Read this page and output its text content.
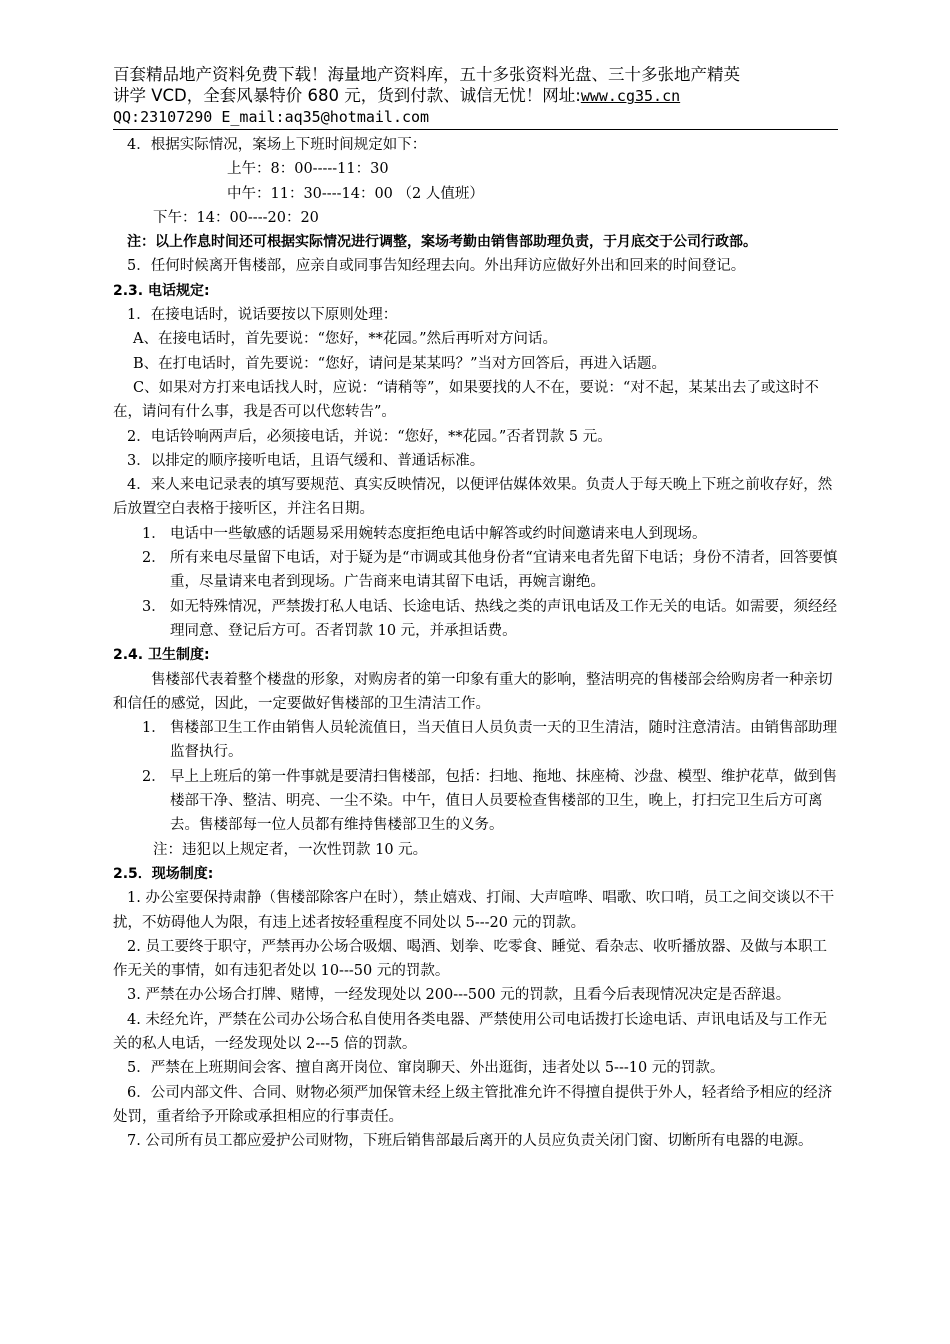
百套精品地产资料免费下载！海量地产资料库，五十多张资料光盘、三十多张地产精英
讲学 VCD，全套风暴特价 680 元，货到付款、诚信无忧！网址:www.cg35.cn
QQ:23107290 E_mail:aq35@hotmail.com

4．根据实际情况，案场上下班时间规定如下：

上午：8：00-----11：30

中午：11：30----14：00 （2 人值班）

下午：14：00----20：20

注：以上作息时间还可根据实际情况进行调整，案场考勤由销售部助理负责，于月底交于公司行政部。

5．任何时候离开售楼部，应亲自或同事告知经理去向。外出拜访应做好外出和回来的时间登记。

2.3. 电话规定:

1．在接电话时，说话要按以下原则处理：

A、在接电话时，首先要说：“您好，**花园。”然后再听对方问话。

B、在打电话时，首先要说：“您好，请问是某某吗？”当对方回答后，再进入话题。

C、如果对方打来电话找人时，应说：“请稍等”，如果要找的人不在，要说：“对不起，某某出去了或这时不在，请问有什么事，我是否可以代您转告”。

2．电话铃响两声后，必须接电话，并说：“您好，**花园。”否者罚款 5 元。

3．以排定的顺序接听电话，且语气缓和、普通话标准。

4．来人来电记录表的填写要规范、真实反映情况，以便评估媒体效果。负责人于每天晚上下班之前收存好，然后放置空白表格于接听区，并注名日期。

1． 电话中一些敏感的话题易采用婉转态度拒绝电话中解答或约时间邀请来电人到现场。
2． 所有来电尽量留下电话，对于疑为是“市调或其他身份者“宜请来电者先留下电话；身份不清者，回答要慎重，尽量请来电者到现场。广告商来电请其留下电话，再婉言谢绝。
3． 如无特殊情况，严禁拨打私人电话、长途电话、热线之类的声讯电话及工作无关的电话。如需要，须经经理同意、登记后方可。否者罚款 10 元，并承担话费。

2.4. 卫生制度:

售楼部代表着整个楼盘的形象，对购房者的第一印象有重大的影响，整洁明亮的售楼部会给购房者一种亲切和信任的感觉，因此，一定要做好售楼部的卫生清洁工作。

1． 售楼部卫生工作由销售人员轮流值日，当天值日人员负责一天的卫生清洁，随时注意清洁。由销售部助理监督执行。
2． 早上上班后的第一件事就是要清扫售楼部，包括：扫地、拖地、抹座椅、沙盘、模型、维护花草，做到售楼部干净、整洁、明亮、一尘不染。中午，值日人员要检查售楼部的卫生，晚上，打扫完卫生后方可离去。售楼部每一位人员都有维持售楼部卫生的义务。

注：违犯以上规定者，一次性罚款 10 元。

2.5．现场制度:

1. 办公室要保持肃静（售楼部除客户在时），禁止嬉戏、打闹、大声喧哗、唱歌、吹口哨，员工之间交谈以不干扰，不妨碍他人为限，有违上述者按轻重程度不同处以 5---20 元的罚款。

2. 员工要终于职守，严禁再办公场合吸烟、喝酒、划拳、吃零食、睡觉、看杂志、收听播放器、及做与本职工作无关的事情，如有违犯者处以 10---50 元的罚款。

3. 严禁在办公场合打牌、赌博，一经发现处以 200---500 元的罚款，且看今后表现情况决定是否辞退。

4. 未经允许，严禁在公司办公场合私自使用各类电器、严禁使用公司电话拨打长途电话、声讯电话及与工作无关的私人电话，一经发现处以 2---5 倍的罚款。

5．严禁在上班期间会客、擅自离开岗位、窜岗聊天、外出逛街，违者处以 5---10 元的罚款。

6．公司内部文件、合同、财物必须严加保管未经上级主管批准允许不得擅自提供于外人，轻者给予相应的经济处罚，重者给予开除或承担相应的行事责任。

7. 公司所有员工都应爱护公司财物，下班后销售部最后离开的人员应负责关闭门窗、切断所有电器的电源。
